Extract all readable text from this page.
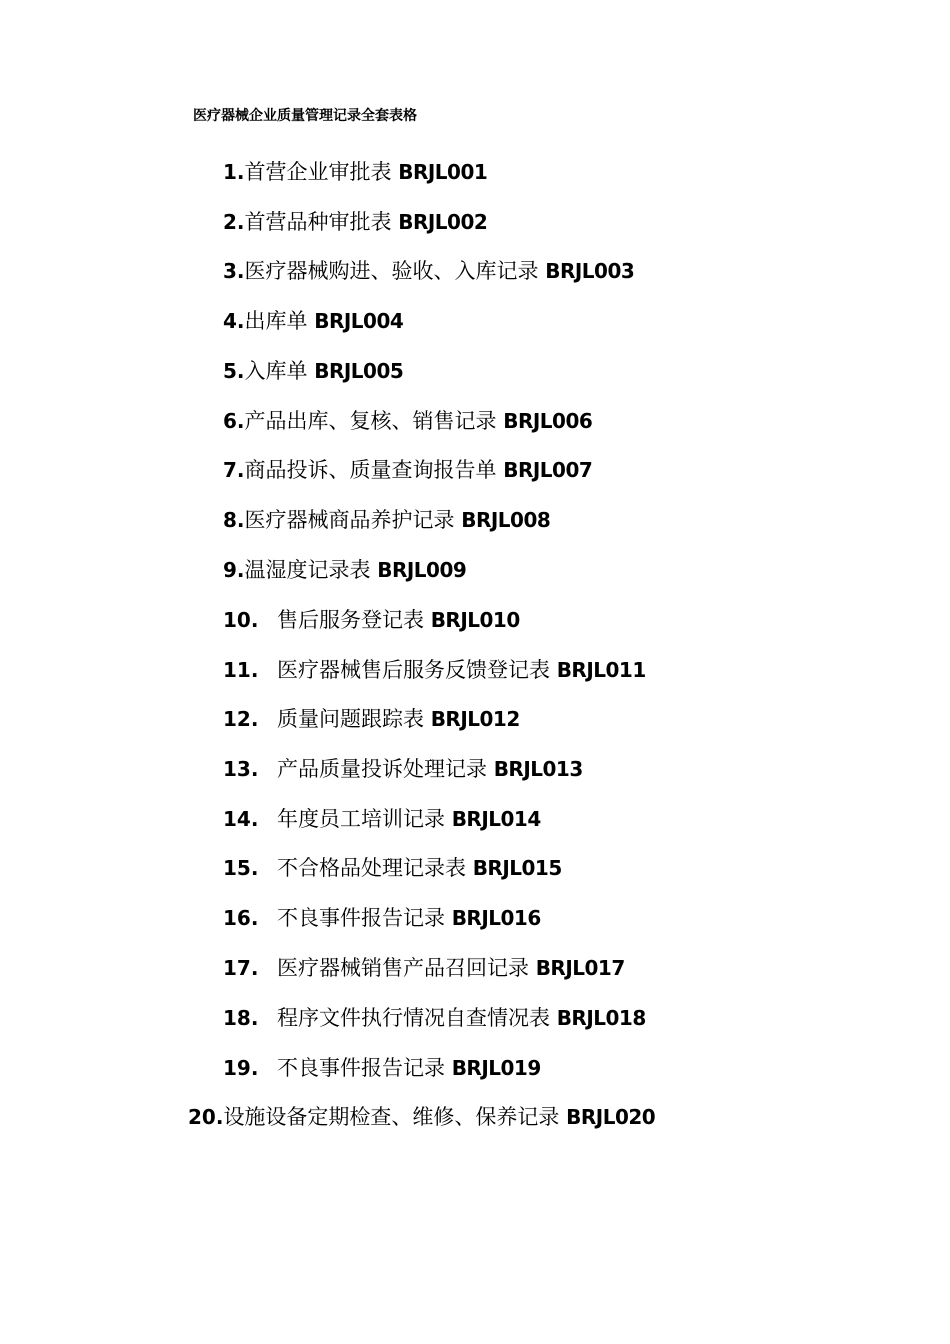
医疗器械企业质量管理记录全套表格
1.首营企业审批表 BRJL001
2.首营品种审批表 BRJL002
3.医疗器械购进、验收、入库记录 BRJL003
4.出库单 BRJL004
5.入库单 BRJL005
6.产品出库、复核、销售记录 BRJL006
7.商品投诉、质量查询报告单 BRJL007
8.医疗器械商品养护记录 BRJL008
9.温湿度记录表 BRJL009
10. 售后服务登记表 BRJL010
11. 医疗器械售后服务反馈登记表 BRJL011
12. 质量问题跟踪表 BRJL012
13. 产品质量投诉处理记录 BRJL013
14. 年度员工培训记录 BRJL014
15. 不合格品处理记录表 BRJL015
16. 不良事件报告记录 BRJL016
17. 医疗器械销售产品召回记录 BRJL017
18. 程序文件执行情况自查情况表 BRJL018
19. 不良事件报告记录 BRJL019
20.设施设备定期检查、维修、保养记录 BRJL020
